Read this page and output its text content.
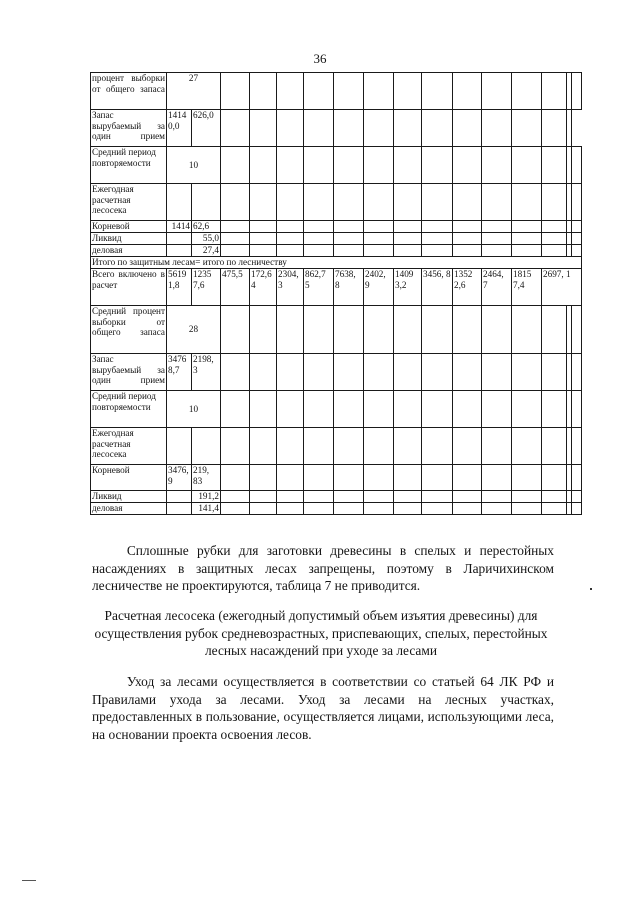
36
процент выборки от общего запаса	27															
Запас вырубаемый за один прием	1414 0,0	626,0														
Средний период повторяемости	10															
Ежегодная расчетная лесосека																
Корневой	1414	62,6														
Ликвид		55,0														
деловая		27,4														
Итого по защитным лесам= итого по лесничеству																
Всего включено в расчет	5619 1,8	1235 7,6	475,5	172,6 4	2304, 3	862,7 5	7638, 8	2402, 9	1409 3,2	3456, 8	1352 2,6	2464, 7	1815 7,4	2697, 1		
Средний процент выборки от общего запаса	28															
Запас вырубаемый за один прием	3476 8,7	2198, 3														
Средний период повторяемости	10															
Ежегодная расчетная лесосека																
Корневой	3476, 9	219, 83														
Ликвид		191,2														
деловая		141,4														
Сплошные рубки для заготовки древесины в спелых и перестойных насаждениях в защитных лесах запрещены, поэтому в Ларичихинском лесничестве не проектируются, таблица 7 не приводится.
Расчетная лесосека (ежегодный допустимый объем изъятия древесины) для осуществления рубок средневозрастных, приспевающих, спелых, перестойных лесных насаждений при уходе за лесами
Уход за лесами осуществляется в соответствии со статьей 64 ЛК РФ и Правилами ухода за лесами. Уход за лесами на лесных участках, предоставленных в пользование, осуществляется лицами, использующими леса, на основании проекта освоения лесов.
